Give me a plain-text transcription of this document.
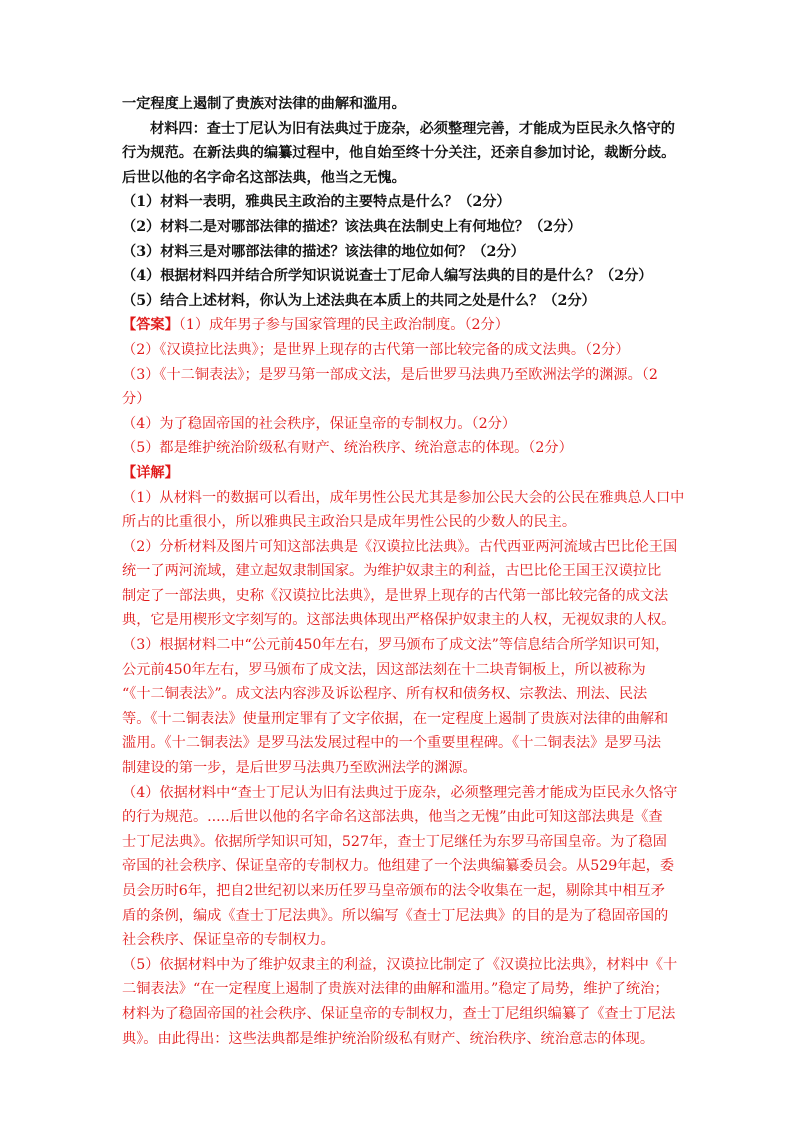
一定程度上遏制了贵族对法律的曲解和滥用。
材料四：查士丁尼认为旧有法典过于庞杂，必须整理完善，才能成为臣民永久恪守的
行为规范。在新法典的编纂过程中，他自始至终十分关注，还亲自参加讨论，裁断分歧。
后世以他的名字命名这部法典，他当之无愧。
（1）材料一表明，雅典民主政治的主要特点是什么？（2分）
（2）材料二是对哪部法律的描述？该法典在法制史上有何地位？（2分）
（3）材料三是对哪部法律的描述？该法律的地位如何？（2分）
（4）根据材料四并结合所学知识说说查士丁尼命人编写法典的目的是什么？（2分）
（5）结合上述材料，你认为上述法典在本质上的共同之处是什么？（2分）
【答案】（1）成年男子参与国家管理的民主政治制度。（2分）
（2）《汉谟拉比法典》；是世界上现存的古代第一部比较完备的成文法典。（2分）
（3）《十二铜表法》；是罗马第一部成文法，是后世罗马法典乃至欧洲法学的渊源。（2
分）
（4）为了稳固帝国的社会秩序，保证皇帝的专制权力。（2分）
（5）都是维护统治阶级私有财产、统治秩序、统治意志的体现。（2分）
【详解】
（1）从材料一的数据可以看出，成年男性公民尤其是参加公民大会的公民在雅典总人口中
所占的比重很小，所以雅典民主政治只是成年男性公民的少数人的民主。
（2）分析材料及图片可知这部法典是《汉谟拉比法典》。古代西亚两河流域古巴比伦王国
统一了两河流域，建立起奴隶制国家。为维护奴隶主的利益，古巴比伦王国王汉谟拉比
制定了一部法典，史称《汉谟拉比法典》，是世界上现存的古代第一部比较完备的成文法
典，它是用楔形文字刻写的。这部法典体现出严格保护奴隶主的人权，无视奴隶的人权。
（3）根据材料二中“公元前450年左右，罗马颁布了成文法”等信息结合所学知识可知，
公元前450年左右，罗马颁布了成文法，因这部法刻在十二块青铜板上，所以被称为
“《十二铜表法》”。成文法内容涉及诉讼程序、所有权和债务权、宗教法、刑法、民法
等。《十二铜表法》使量刑定罪有了文字依据，在一定程度上遏制了贵族对法律的曲解和
滥用。《十二铜表法》是罗马法发展过程中的一个重要里程碑。《十二铜表法》是罗马法
制建设的第一步，是后世罗马法典乃至欧洲法学的渊源。
（4）依据材料中“查士丁尼认为旧有法典过于庞杂，必须整理完善才能成为臣民永久恪守
的行为规范。.....后世以他的名字命名这部法典，他当之无愧”由此可知这部法典是《查
士丁尼法典》。依据所学知识可知，527年，查士丁尼继任为东罗马帝国皇帝。为了稳固
帝国的社会秩序、保证皇帝的专制权力。他组建了一个法典编纂委员会。从529年起，委
员会历时6年，把自2世纪初以来历任罗马皇帝颁布的法令收集在一起，剔除其中相互矛
盾的条例，编成《查士丁尼法典》。所以编写《查士丁尼法典》的目的是为了稳固帝国的
社会秩序、保证皇帝的专制权力。
（5）依据材料中为了维护奴隶主的利益，汉谟拉比制定了《汉谟拉比法典》，材料中《十
二铜表法》“在一定程度上遏制了贵族对法律的曲解和滥用。”稳定了局势，维护了统治；
材料为了稳固帝国的社会秩序、保证皇帝的专制权力，查士丁尼组织编纂了《查士丁尼法
典》。由此得出：这些法典都是维护统治阶级私有财产、统治秩序、统治意志的体现。
